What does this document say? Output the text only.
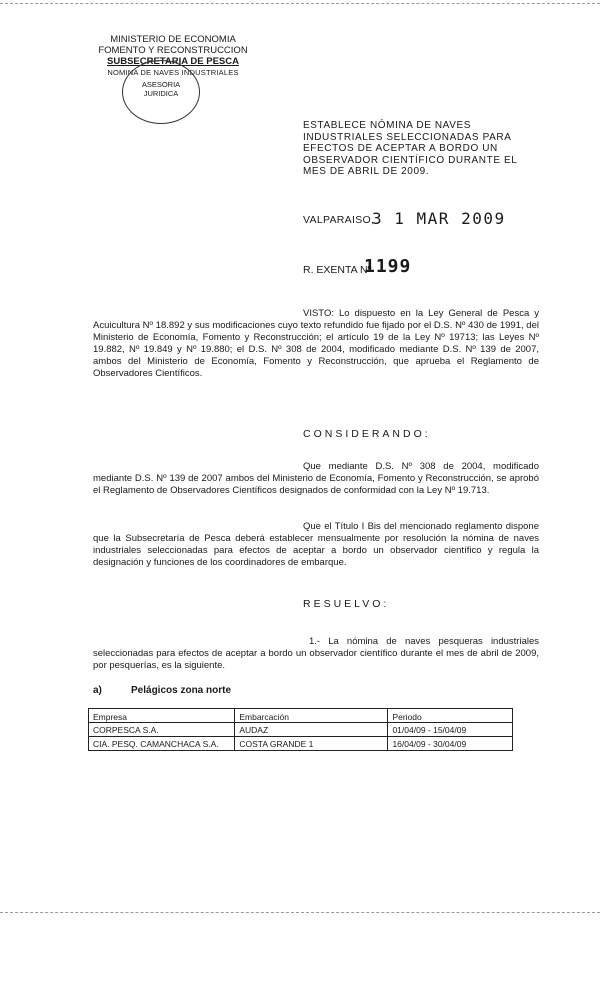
MINISTERIO DE ECONOMIA
FOMENTO Y RECONSTRUCCION
SUBSECRETARIA DE PESCA
NOMINA DE NAVES INDUSTRIALES
ASESORIA
JURIDICA
ESTABLECE NÓMINA DE NAVES
INDUSTRIALES SELECCIONADAS PARA
EFECTOS DE ACEPTAR A BORDO UN
OBSERVADOR CIENTÍFICO DURANTE EL
MES DE ABRIL DE 2009.
VALPARAISO,
3 1 MAR 2009
R. EXENTA Nº
1199
VISTO: Lo dispuesto en la Ley General de Pesca y Acuicultura Nº 18.892 y sus modificaciones cuyo texto refundido fue fijado por el D.S. Nº 430 de 1991, del Ministerio de Economía, Fomento y Reconstrucción; el artículo 19 de la Ley Nº 19713; las Leyes Nº 19.882, Nº 19.849 y Nº 19.880; el D.S. Nº 308 de 2004, modificado mediante D.S. Nº 139 de 2007, ambos del Ministerio de Economía, Fomento y Reconstrucción, que aprueba el Reglamento de Observadores Científicos.
CONSIDERANDO:
Que mediante D.S. Nº 308 de 2004, modificado mediante D.S. Nº 139 de 2007 ambos del Ministerio de Economía, Fomento y Reconstrucción, se aprobó el Reglamento de Observadores Científicos designados de conformidad con la Ley Nº 19.713.
Que el Título I Bis del mencionado reglamento dispone que la Subsecretaría de Pesca deberá establecer mensualmente por resolución la nómina de naves industriales seleccionadas para efectos de aceptar a bordo un observador científico y regula la designación y funciones de los coordinadores de embarque.
RESUELVO:
1.- La nómina de naves pesqueras industriales seleccionadas para efectos de aceptar a bordo un observador científico durante el mes de abril de 2009, por pesquerías, es la siguiente.
a)	Pelágicos zona norte
Empresa	Embarcación	Periodo
CORPESCA S.A.	AUDAZ	01/04/09 - 15/04/09
CIA. PESQ. CAMANCHACA S.A.	COSTA GRANDE 1	16/04/09 - 30/04/09
